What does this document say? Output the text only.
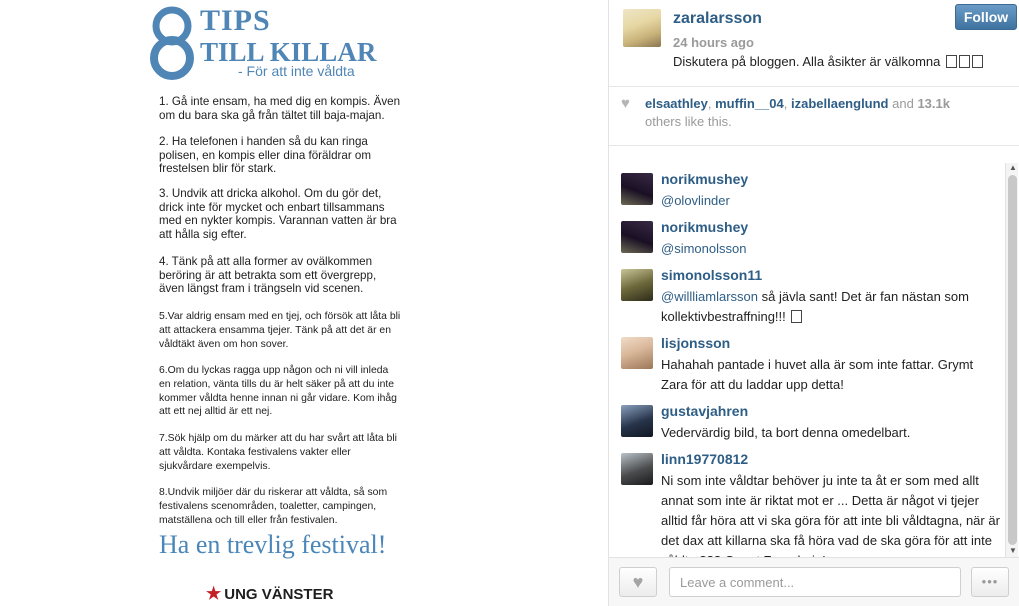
TIPS
TILL KILLAR
- För att inte våldta
1. Gå inte ensam, ha med dig en kompis. Även om du bara ska gå från tältet till baja-majan.
2. Ha telefonen i handen så du kan ringa polisen, en kompis eller dina föräldrar om frestelsen blir för stark.
3. Undvik att dricka alkohol. Om du gör det, drick inte för mycket och enbart tillsammans med en nykter kompis. Varannan vatten är bra att hålla sig efter.
4. Tänk på att alla former av ovälkommen beröring är att betrakta som ett övergrepp, även längst fram i trängseln vid scenen.
5.Var aldrig ensam med en tjej, och försök att låta bli att attackera ensamma tjejer. Tänk på att det är en våldtäkt även om hon sover.
6.Om du lyckas ragga upp någon och ni vill inleda en relation, vänta tills du är helt säker på att du inte kommer våldta henne innan ni går vidare. Kom ihåg att ett nej alltid är ett nej.
7.Sök hjälp om du märker att du har svårt att låta bli att våldta. Kontaka festivalens vakter eller sjukvårdare exempelvis.
8.Undvik miljöer där du riskerar att våldta, så som festivalens scenområden, toaletter, campingen, matställena och till eller från festivalen.
Ha en trevlig festival!
★ UNG VÄNSTER
zaralarsson
24 hours ago
Diskutera på bloggen. Alla åsikter är välkomna
Follow
♥ elsaathley, muffin__04, izabellaenglund and 13.1k
others like this.
norikmushey
@olovlinder
norikmushey
@simonolsson
simonolsson11
@willliamlarsson så jävla sant! Det är fan nästan som kollektivbestraffning!!!
lisjonsson
Hahahah pantade i huvet alla är som inte fattar. Grymt Zara för att du laddar upp detta!
gustavjahren
Vedervärdig bild, ta bort denna omedelbart.
linn19770812
Ni som inte våldtar behöver ju inte ta åt er som med allt annat som inte är riktat mot er ... Detta är något vi tjejer alltid får höra att vi ska göra för att inte bli våldtagna, när är det dax att killarna ska få höra vad de ska göra för att inte
▲
▼
♥
Leave a comment...	•••
